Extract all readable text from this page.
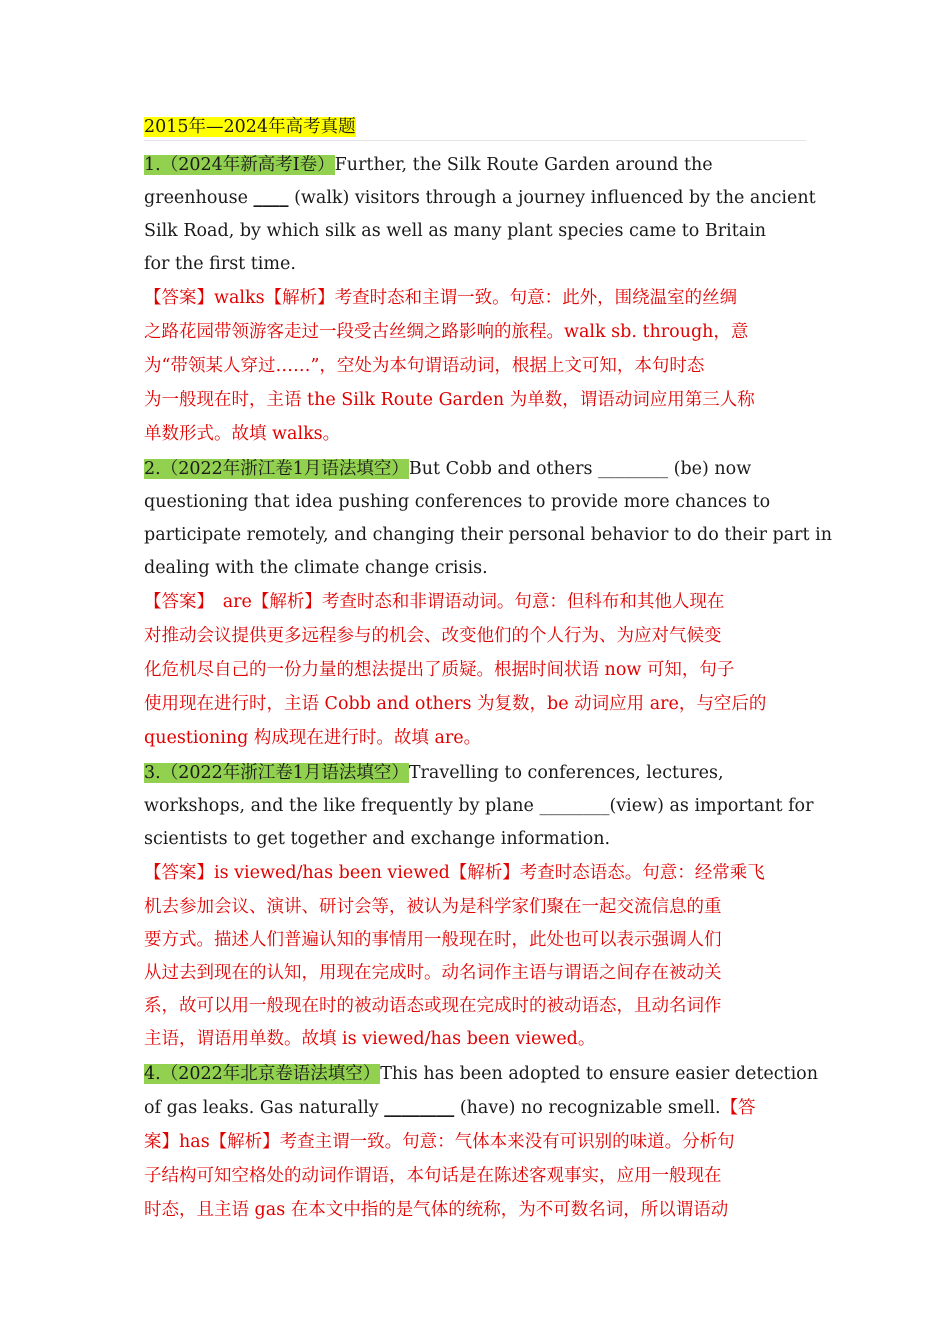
2015年—2024年高考真题
1.（2024年新高考I卷）Further, the Silk Route Garden around the
greenhouse ____ (walk) visitors through a journey influenced by the ancient
Silk Road, by which silk as well as many plant species came to Britain
for the first time.
【答案】walks【解析】考查时态和主谓一致。句意：此外，围绕温室的丝绸
之路花园带领游客走过一段受古丝绸之路影响的旅程。walk sb. through，意
为“带领某人穿过……”，空处为本句谓语动词，根据上文可知，本句时态
为一般现在时，主语 the Silk Route Garden 为单数，谓语动词应用第三人称
单数形式。故填 walks。
2.（2022年浙江卷1月语法填空）But Cobb and others ________ (be) now
questioning that idea pushing conferences to provide more chances to
participate remotely, and changing their personal behavior to do their part in
dealing with the climate change crisis.
【答案】　are【解析】考查时态和非谓语动词。句意：但科布和其他人现在
对推动会议提供更多远程参与的机会、改变他们的个人行为、为应对气候变
化危机尽自己的一份力量的想法提出了质疑。根据时间状语 now 可知，句子
使用现在进行时，主语 Cobb and others 为复数，be 动词应用 are，与空后的
questioning 构成现在进行时。故填 are。
3.（2022年浙江卷1月语法填空）Travelling to conferences, lectures,
workshops, and the like frequently by plane ________(view) as important for
scientists to get together and exchange information.
【答案】is viewed/has been viewed【解析】考查时态语态。句意：经常乘飞
机去参加会议、演讲、研讨会等，被认为是科学家们聚在一起交流信息的重
要方式。描述人们普遍认知的事情用一般现在时，此处也可以表示强调人们
从过去到现在的认知，用现在完成时。动名词作主语与谓语之间存在被动关
系，故可以用一般现在时的被动语态或现在完成时的被动语态，且动名词作
主语，谓语用单数。故填 is viewed/has been viewed。
4.（2022年北京卷语法填空）This has been adopted to ensure easier detection
of gas leaks. Gas naturally ________ (have) no recognizable smell.【答
案】has【解析】考查主谓一致。句意：气体本来没有可识别的味道。分析句
子结构可知空格处的动词作谓语，本句话是在陈述客观事实，应用一般现在
时态，且主语 gas 在本文中指的是气体的统称，为不可数名词，所以谓语动
